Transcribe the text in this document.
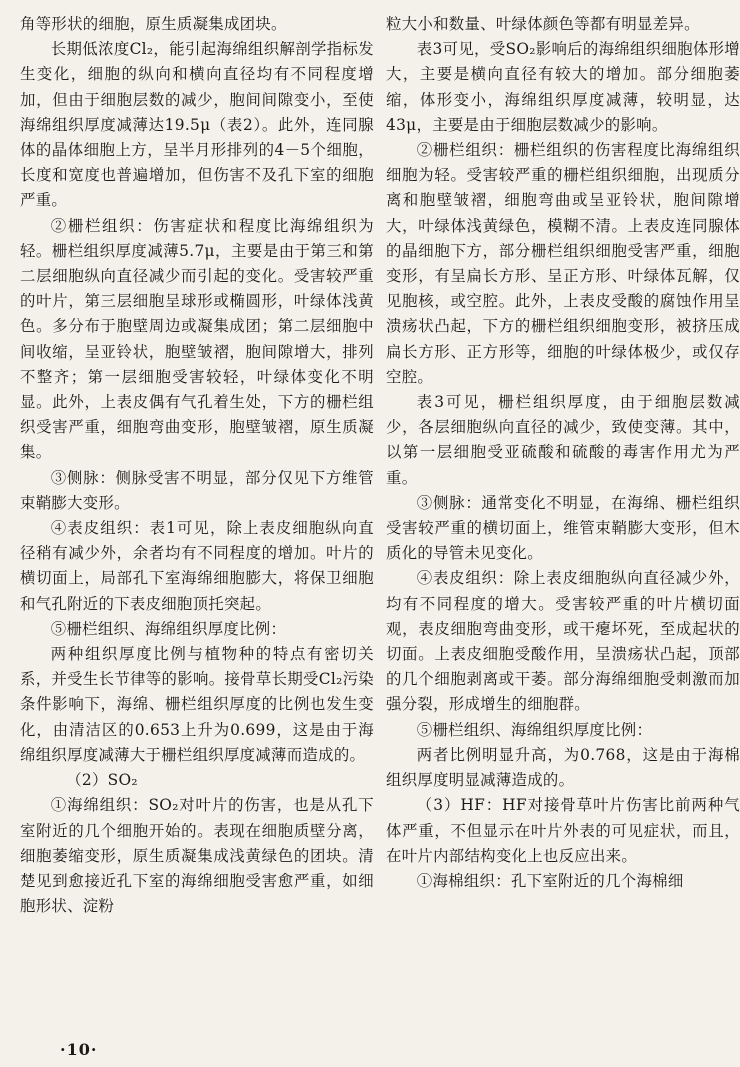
角等形状的细胞，原生质凝集成团块。

长期低浓度Cl₂，能引起海绵组织解剖学指标发生变化，细胞的纵向和横向直径均有不同程度增加，但由于细胞层数的减少，胞间间隙变小，至使海绵组织厚度减薄达19.5μ（表2）。此外，连同腺体的晶体细胞上方，呈半月形排列的4－5个细胞，长度和宽度也普遍增加，但伤害不及孔下室的细胞严重。

②栅栏组织：伤害症状和程度比海绵组织为轻。栅栏组织厚度减薄5.7μ，主要是由于第三和第二层细胞纵向直径减少而引起的变化。受害较严重的叶片，第三层细胞呈球形或椭圆形，叶绿体浅黄色。多分布于胞壁周边或凝集成团；第二层细胞中间收缩，呈亚铃状，胞壁皱褶，胞间隙增大，排列不整齐；第一层细胞受害较轻，叶绿体变化不明显。此外，上表皮偶有气孔着生处，下方的栅栏组织受害严重，细胞弯曲变形，胞壁皱褶，原生质凝集。

③侧脉：侧脉受害不明显，部分仅见下方维管束鞘膨大变形。

④表皮组织：表1可见，除上表皮细胞纵向直径稍有减少外，余者均有不同程度的增加。叶片的横切面上，局部孔下室海绵细胞膨大，将保卫细胞和气孔附近的下表皮细胞顶托突起。

⑤栅栏组织、海绵组织厚度比例：

两种组织厚度比例与植物种的特点有密切关系，并受生长节律等的影响。接骨草长期受Cl₂污染条件影响下，海绵、栅栏组织厚度的比例也发生变化，由清洁区的0.653上升为0.699，这是由于海绵组织厚度减薄大于栅栏组织厚度减薄而造成的。

（2）SO₂

①海绵组织：SO₂对叶片的伤害，也是从孔下室附近的几个细胞开始的。表现在细胞质壁分离，细胞萎缩变形，原生质凝集成浅黄绿色的团块。清楚见到愈接近孔下室的海绵细胞受害愈严重，如细胞形状、淀粉

粒大小和数量、叶绿体颜色等都有明显差异。

表3可见，受SO₂影响后的海绵组织细胞体形增大，主要是横向直径有较大的增加。部分细胞萎缩，体形变小，海绵组织厚度减薄，较明显，达43μ，主要是由于细胞层数减少的影响。

②栅栏组织：栅栏组织的伤害程度比海绵组织细胞为轻。受害较严重的栅栏组织细胞，出现质分离和胞壁皱褶，细胞弯曲或呈亚铃状，胞间隙增大，叶绿体浅黄绿色，模糊不清。上表皮连同腺体的晶细胞下方，部分栅栏组织细胞受害严重，细胞变形，有呈扁长方形、呈正方形、叶绿体瓦解，仅见胞核，或空腔。此外，上表皮受酸的腐蚀作用呈溃疡状凸起，下方的栅栏组织细胞变形，被挤压成扁长方形、正方形等，细胞的叶绿体极少，或仅存空腔。

表3可见，栅栏组织厚度，由于细胞层数减少，各层细胞纵向直径的减少，致使变薄。其中，以第一层细胞受亚硫酸和硫酸的毒害作用尤为严重。

③侧脉：通常变化不明显，在海绵、栅栏组织受害较严重的横切面上，维管束鞘膨大变形，但木质化的导管未见变化。

④表皮组织：除上表皮细胞纵向直径减少外，均有不同程度的增大。受害较严重的叶片横切面观，表皮细胞弯曲变形，或干瘪坏死，至成起状的切面。上表皮细胞受酸作用，呈溃疡状凸起，顶部的几个细胞剥离或干萎。部分海绵细胞受刺激而加强分裂，形成增生的细胞群。

⑤栅栏组织、海绵组织厚度比例：

两者比例明显升高，为0.768，这是由于海棉组织厚度明显减薄造成的。

（3）HF：HF对接骨草叶片伤害比前两种气体严重，不但显示在叶片外表的可见症状，而且，在叶片内部结构变化上也反应出来。

①海棉组织：孔下室附近的几个海棉细

·10·
